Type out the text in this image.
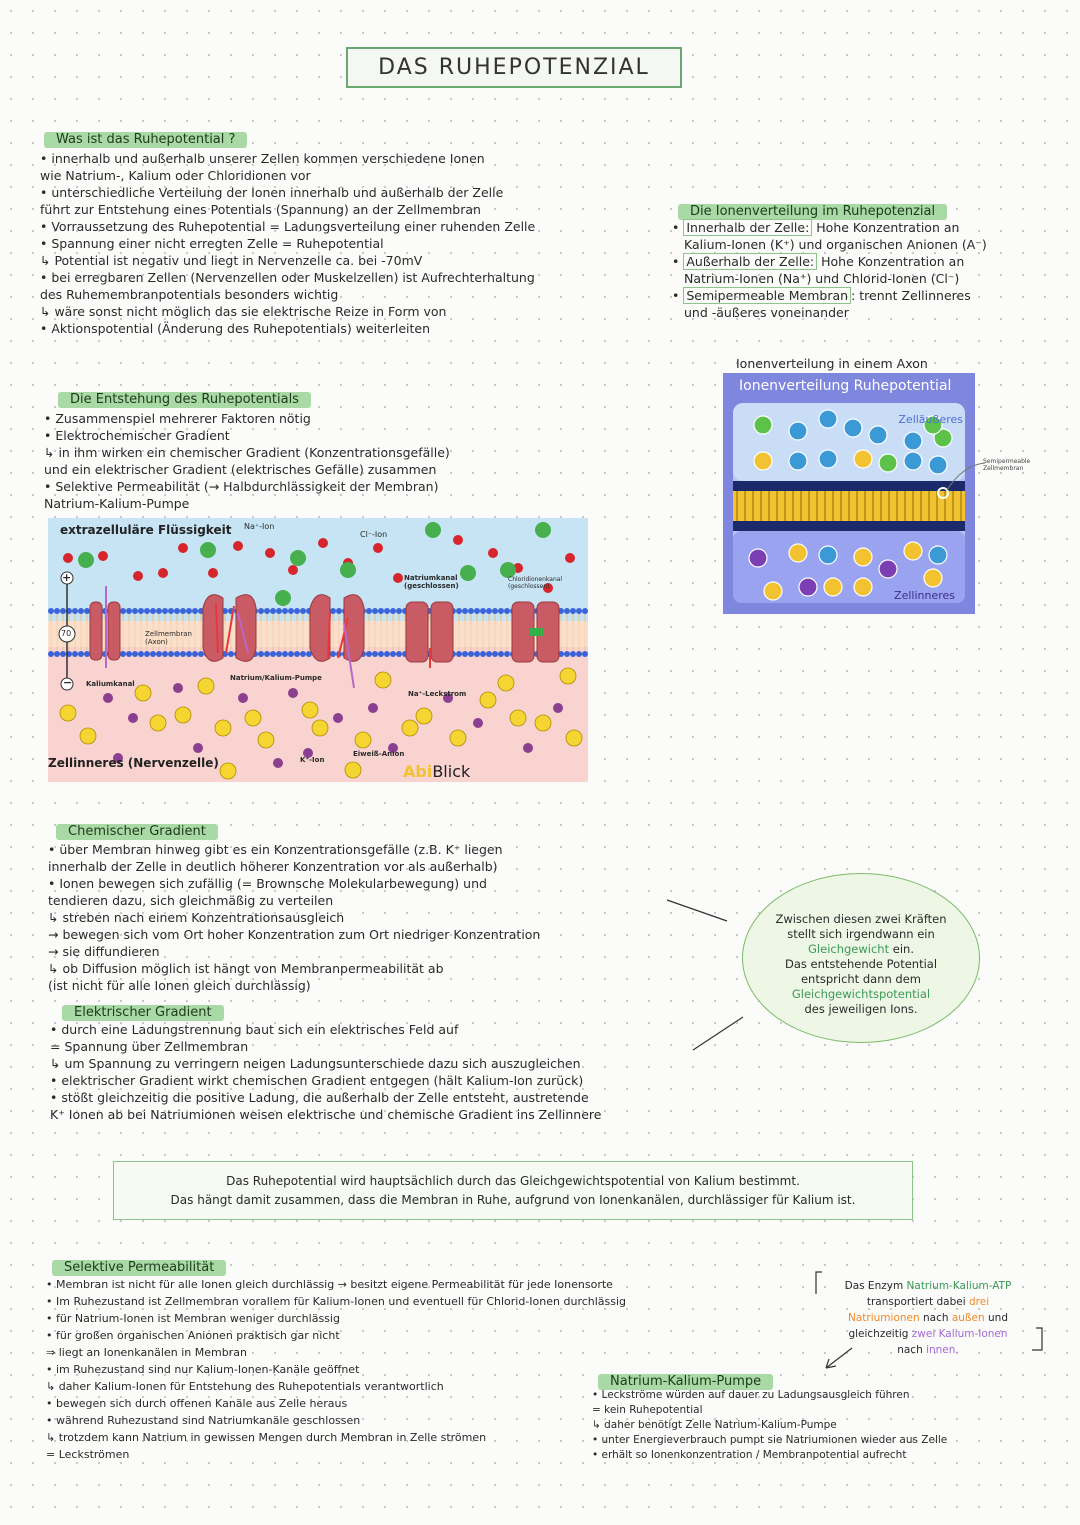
DAS RUHEPOTENZIAL
Was ist das Ruhepotential ?
• innerhalb und außerhalb unserer Zellen kommen verschiedene Ionen
wie Natrium-, Kalium oder Chloridionen vor
• unterschiedliche Verteilung der Ionen innerhalb und außerhalb der Zelle
führt zur Entstehung eines Potentials (Spannung) an der Zellmembran
• Vorraussetzung des Ruhepotential = Ladungsverteilung einer ruhenden Zelle
• Spannung einer nicht erregten Zelle = Ruhepotential
↳ Potential ist negativ und liegt in Nervenzelle ca. bei -70mV
• bei erregbaren Zellen (Nervenzellen oder Muskelzellen) ist Aufrechterhaltung
des Ruhemembranpotentials besonders wichtig
↳ wäre sonst nicht möglich das sie elektrische Reize in Form von
• Aktionspotential (Änderung des Ruhepotentials) weiterleiten
Die Ionenverteilung im Ruhepotenzial
• Innerhalb der Zelle: Hohe Konzentration an
Kalium-Ionen (K⁺) und organischen Anionen (A⁻)
• Außerhalb der Zelle: Hohe Konzentration an
Natrium-Ionen (Na⁺) und Chlorid-Ionen (Cl⁻)
• Semipermeable Membran : trennt Zellinneres
und -äußeres voneinander
Ionenverteilung in einem Axon
Ionenverteilung Ruhepotential
Zelläußeres
Zellinneres
Semipermeable Zellmembran
Die Entstehung des Ruhepotentials
• Zusammenspiel mehrerer Faktoren nötig
• Elektrochemischer Gradient
↳ in ihm wirken ein chemischer Gradient (Konzentrationsgefälle)
und ein elektrischer Gradient (elektrisches Gefälle) zusammen
• Selektive Permeabilität (→ Halbdurchlässigkeit der Membran)
Natrium-Kalium-Pumpe
+
−
70
extrazelluläre Flüssigkeit
Zellinneres (Nervenzelle)
Na⁺-Ion
Cl⁻-Ion
Natriumkanal (geschlossen)
Chloridionenkanal (geschlossen)
Zellmembran (Axon)
Kaliumkanal
Natrium/Kalium-Pumpe
Na⁺-Leckstrom
Eiweiß-Anion
K⁺-Ion
AbiBlick
Chemischer Gradient
• über Membran hinweg gibt es ein Konzentrationsgefälle (z.B. K⁺ liegen
innerhalb der Zelle in deutlich höherer Konzentration vor als außerhalb)
• Ionen bewegen sich zufällig (= Brownsche Molekularbewegung) und
tendieren dazu, sich gleichmäßig zu verteilen
↳ streben nach einem Konzentrationsausgleich
→ bewegen sich vom Ort hoher Konzentration zum Ort niedriger Konzentration
→ sie diffundieren
↳ ob Diffusion möglich ist hängt von Membranpermeabilität ab
(ist nicht für alle Ionen gleich durchlässig)
Zwischen diesen zwei Kräften
stellt sich irgendwann ein
Gleichgewicht ein.
Das entstehende Potential
entspricht dann dem
Gleichgewichtspotential
des jeweiligen Ions.
Elektrischer Gradient
• durch eine Ladungstrennung baut sich ein elektrisches Feld auf
= Spannung über Zellmembran
↳ um Spannung zu verringern neigen Ladungsunterschiede dazu sich auszugleichen
• elektrischer Gradient wirkt chemischen Gradient entgegen (hält Kalium-Ion zurück)
• stößt gleichzeitig die positive Ladung, die außerhalb der Zelle entsteht, austretende
K⁺ Ionen ab bei Natriumionen weisen elektrische und chemische Gradient ins Zellinnere
Das Ruhepotential wird hauptsächlich durch das Gleichgewichtspotential von Kalium bestimmt.
Das hängt damit zusammen, dass die Membran in Ruhe, aufgrund von Ionenkanälen, durchlässiger für Kalium ist.
Selektive Permeabilität
• Membran ist nicht für alle Ionen gleich durchlässig → besitzt eigene Permeabilität für jede Ionensorte
• Im Ruhezustand ist Zellmembran vorallem für Kalium-Ionen und eventuell für Chlorid-Ionen durchlässig
• für Natrium-Ionen ist Membran weniger durchlässig
• für großen organischen Anionen praktisch gar nicht
⇒ liegt an Ionenkanälen in Membran
• im Ruhezustand sind nur Kalium-Ionen-Kanäle geöffnet
↳ daher Kalium-Ionen für Entstehung des Ruhepotentials verantwortlich
• bewegen sich durch offenen Kanäle aus Zelle heraus
• während Ruhezustand sind Natriumkanäle geschlossen
↳ trotzdem kann Natrium in gewissen Mengen durch Membran in Zelle strömen
= Leckströmen
Das Enzym Natrium-Kalium-ATP
transportiert dabei drei
Natriumionen nach außen und
gleichzeitig zwei Kalium-Ionen
nach innen.
Natrium-Kalium-Pumpe
• Leckströme würden auf dauer zu Ladungsausgleich führen
= kein Ruhepotential
↳ daher benötigt Zelle Natrium-Kalium-Pumpe
• unter Energieverbrauch pumpt sie Natriumionen wieder aus Zelle
• erhält so Ionenkonzentration / Membranpotential aufrecht
